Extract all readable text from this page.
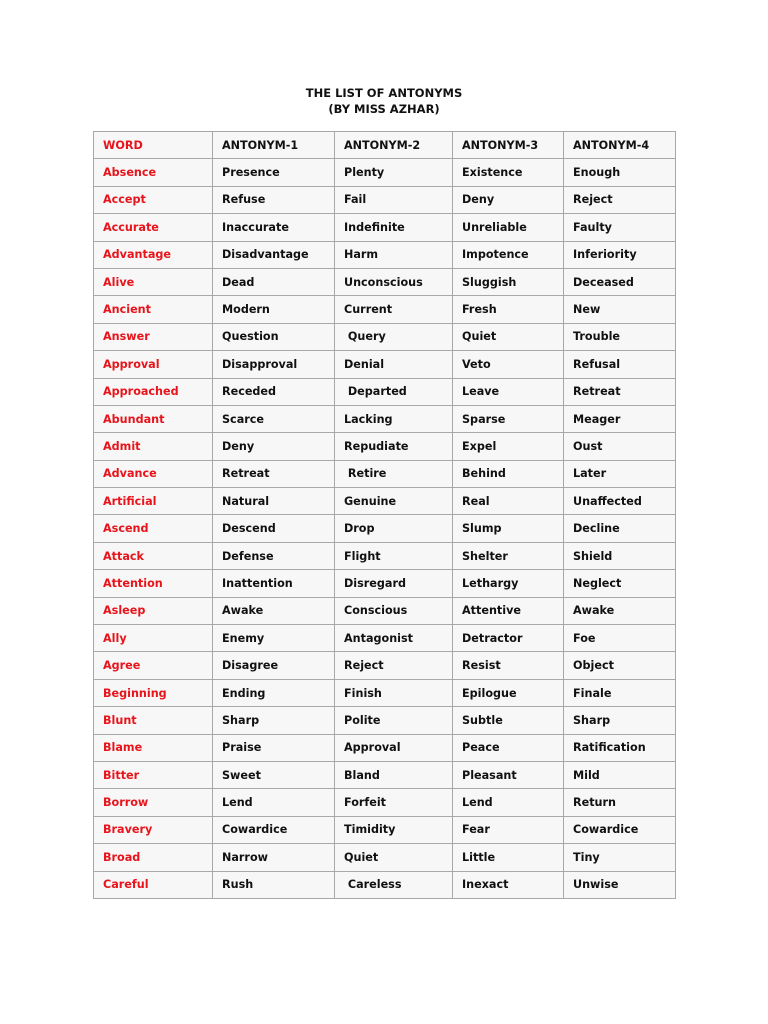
THE LIST OF ANTONYMS
(BY MISS AZHAR)
WORD	ANTONYM-1	ANTONYM-2	ANTONYM-3	ANTONYM-4
Absence	Presence	Plenty	Existence	Enough
Accept	Refuse	Fail	Deny	Reject
Accurate	Inaccurate	Indefinite	Unreliable	Faulty
Advantage	Disadvantage	Harm	Impotence	Inferiority
Alive	Dead	Unconscious	Sluggish	Deceased
Ancient	Modern	Current	Fresh	New
Answer	Question	Query	Quiet	Trouble
Approval	Disapproval	Denial	Veto	Refusal
Approached	Receded	Departed	Leave	Retreat
Abundant	Scarce	Lacking	Sparse	Meager
Admit	Deny	Repudiate	Expel	Oust
Advance	Retreat	Retire	Behind	Later
Artificial	Natural	Genuine	Real	Unaffected
Ascend	Descend	Drop	Slump	Decline
Attack	Defense	Flight	Shelter	Shield
Attention	Inattention	Disregard	Lethargy	Neglect
Asleep	Awake	Conscious	Attentive	Awake
Ally	Enemy	Antagonist	Detractor	Foe
Agree	Disagree	Reject	Resist	Object
Beginning	Ending	Finish	Epilogue	Finale
Blunt	Sharp	Polite	Subtle	Sharp
Blame	Praise	Approval	Peace	Ratification
Bitter	Sweet	Bland	Pleasant	Mild
Borrow	Lend	Forfeit	Lend	Return
Bravery	Cowardice	Timidity	Fear	Cowardice
Broad	Narrow	Quiet	Little	Tiny
Careful	Rush	Careless	Inexact	Unwise
